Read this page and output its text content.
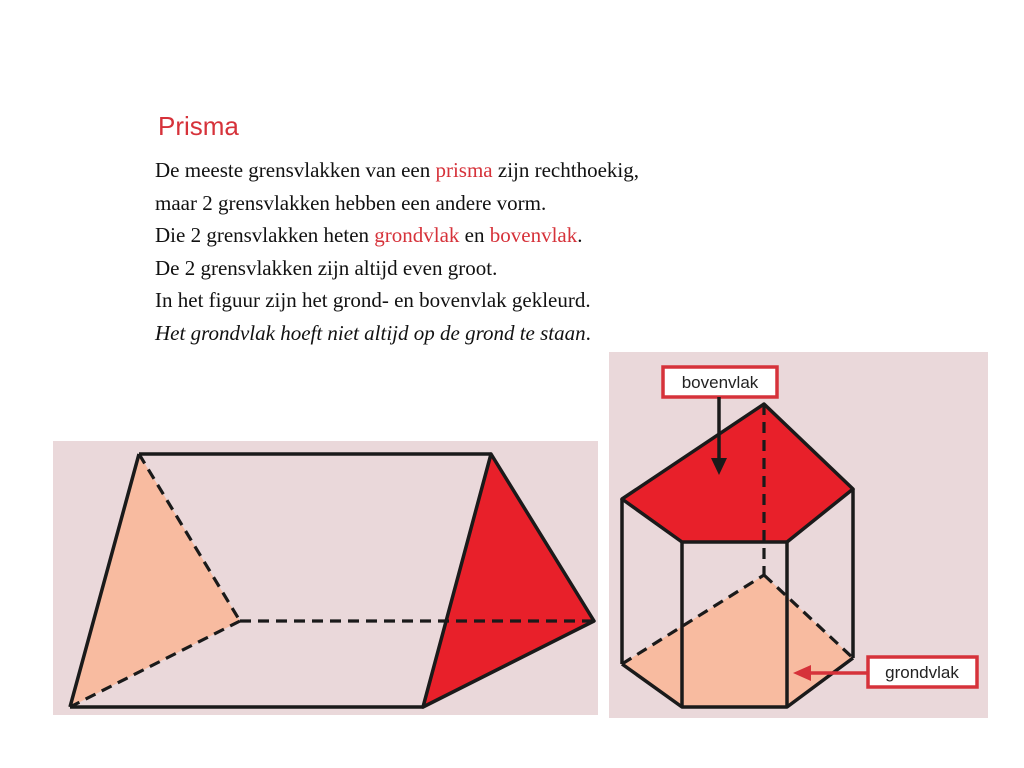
Prisma
De meeste grensvlakken van een prisma zijn rechthoekig,
maar 2 grensvlakken hebben een andere vorm.
Die 2 grensvlakken heten grondvlak en bovenvlak.
De 2 grensvlakken zijn altijd even groot.
In het figuur zijn het grond- en bovenvlak gekleurd.
Het grondvlak hoeft niet altijd op de grond te staan.
bovenvlak
grondvlak
